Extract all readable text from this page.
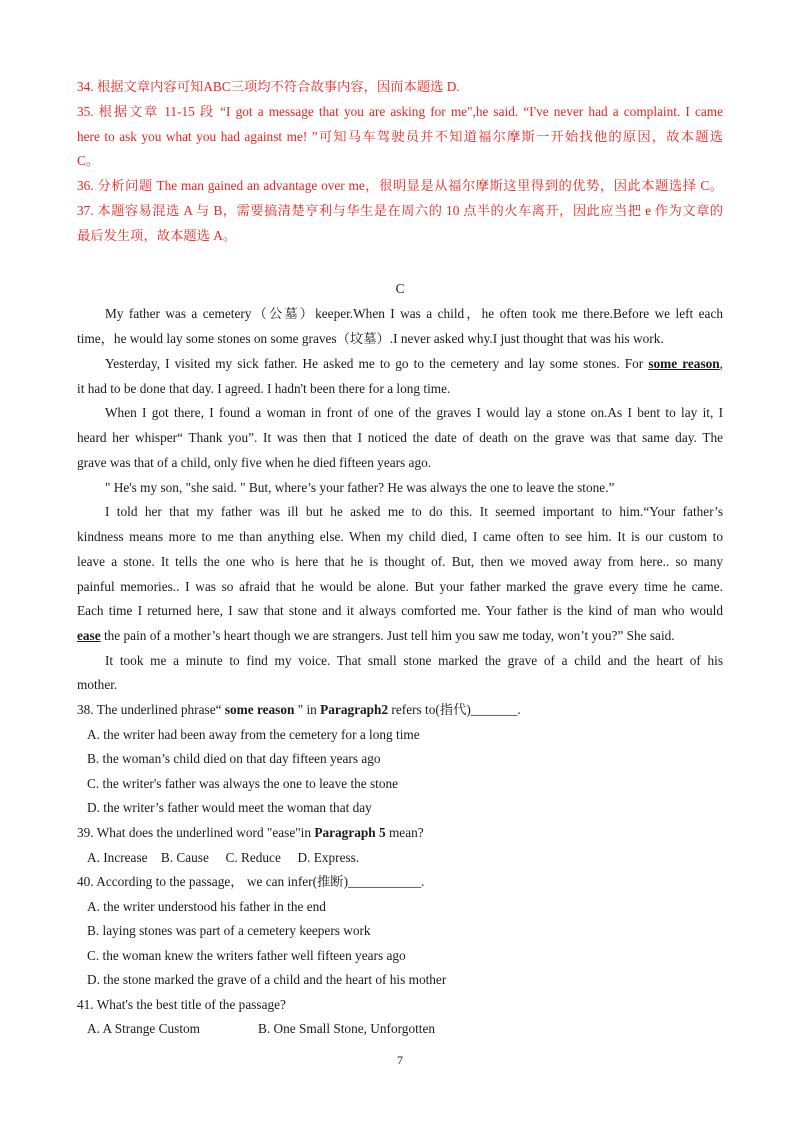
34. 根据文章内容可知ABC三项均不符合故事内容，因而本题选 D.
35. 根据文章 11-15 段 “I got a message that you are asking for me",he said. “I've never had a complaint. I came
here to ask you what you had against me! ”可知马车驾驶员并不知道福尔摩斯一开始找他的原因，故本题选
C。
36. 分析问题 The man gained an advantage over me，很明显是从福尔摩斯这里得到的优势，因此本题选择 C。
37. 本题容易混选 A 与 B，需要搞清楚亨利与华生是在周六的 10 点半的火车离开，因此应当把 e 作为文章的
最后发生项，故本题选 A。
C
My father was a cemetery（公墓）keeper.When I was a child，he often took me there.Before we left each
time，he would lay some stones on some graves（坟墓）.I never asked why.I just thought that was his work.
Yesterday, I visited my sick father. He asked me to go to the cemetery and lay some stones. For some reason,
it had to be done that day. I agreed. I hadn't been there for a long time.
When I got there, I found a woman in front of one of the graves I would lay a stone on.As I bent to lay it, I
heard her whisper“ Thank you”. It was then that I noticed the date of death on the grave was that same day. The
grave was that of a child, only five when he died fifteen years ago.
" He's my son, "she said. " But, where’s your father? He was always the one to leave the stone.”
I told her that my father was ill but he asked me to do this. It seemed important to him.“Your father’s
kindness means more to me than anything else. When my child died, I came often to see him. It is our custom to
leave a stone. It tells the one who is here that he is thought of. But, then we moved away from here.. so many
painful memories.. I was so afraid that he would be alone. But your father marked the grave every time he came.
Each time I returned here, I saw that stone and it always comforted me. Your father is the kind of man who would
ease the pain of a mother’s heart though we are strangers. Just tell him you saw me today, won’t you?” She said.
It took me a minute to find my voice. That small stone marked the grave of a child and the heart of his
mother.
38. The underlined phrase“ some reason " in Paragraph2 refers to(指代)_______.
A. the writer had been away from the cemetery for a long time
B. the woman’s child died on that day fifteen years ago
C. the writer's father was always the one to leave the stone
D. the writer’s father would meet the woman that day
39. What does the underlined word "ease"in Paragraph 5 mean?
A. Increase    B. Cause     C. Reduce     D. Express.
40. According to the passage， we can infer(推断)___________.
A. the writer understood his father in the end
B. laying stones was part of a cemetery keepers work
C. the woman knew the writers father well fifteen years ago
D. the stone marked the grave of a child and the heart of his mother
41. What's the best title of the passage?
A. A Strange Custom	B. One Small Stone, Unforgotten
7
